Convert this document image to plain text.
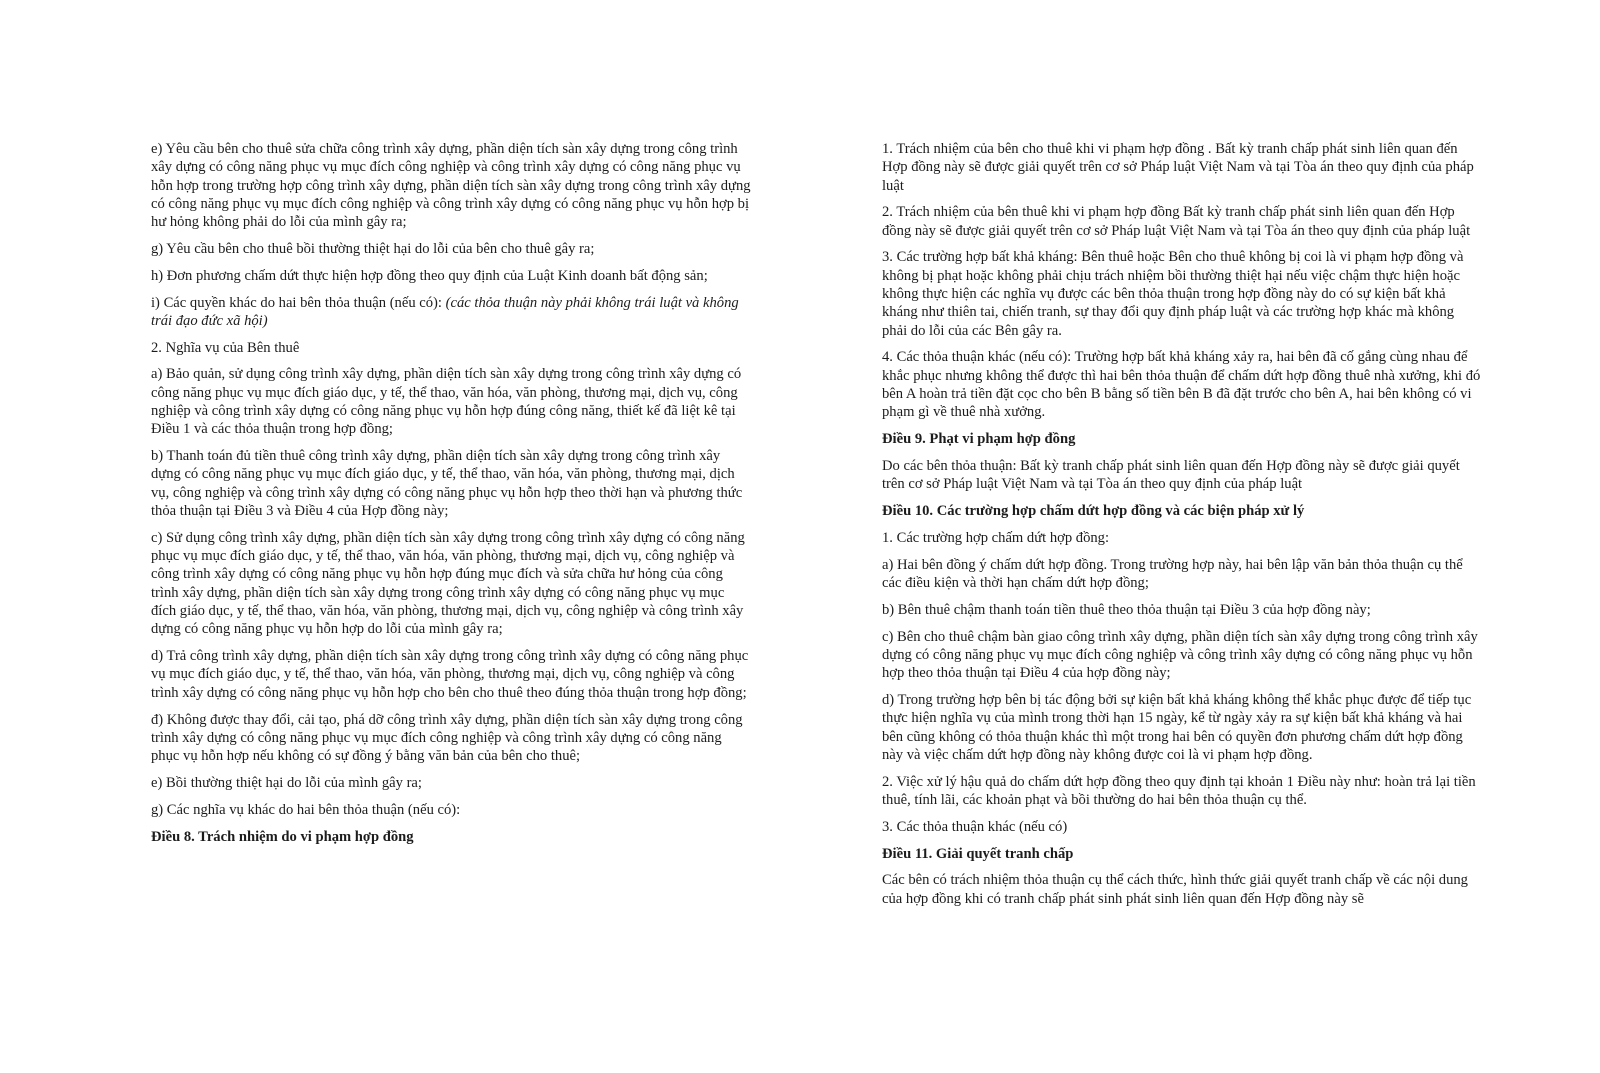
e) Yêu cầu bên cho thuê sửa chữa công trình xây dựng, phần diện tích sàn xây dựng trong công trình xây dựng có công năng phục vụ mục đích công nghiệp và công trình xây dựng có công năng phục vụ hỗn hợp trong trường hợp công trình xây dựng, phần diện tích sàn xây dựng trong công trình xây dựng có công năng phục vụ mục đích công nghiệp và công trình xây dựng có công năng phục vụ hỗn hợp bị hư hỏng không phải do lỗi của mình gây ra;

g) Yêu cầu bên cho thuê bồi thường thiệt hại do lỗi của bên cho thuê gây ra;

h) Đơn phương chấm dứt thực hiện hợp đồng theo quy định của Luật Kinh doanh bất động sản;

i) Các quyền khác do hai bên thỏa thuận (nếu có): (các thỏa thuận này phải không trái luật và không trái đạo đức xã hội)

2. Nghĩa vụ của Bên thuê

a) Bảo quản, sử dụng công trình xây dựng, phần diện tích sàn xây dựng trong công trình xây dựng có công năng phục vụ mục đích giáo dục, y tế, thể thao, văn hóa, văn phòng, thương mại, dịch vụ, công nghiệp và công trình xây dựng có công năng phục vụ hỗn hợp đúng công năng, thiết kế đã liệt kê tại Điều 1 và các thỏa thuận trong hợp đồng;

b) Thanh toán đủ tiền thuê công trình xây dựng, phần diện tích sàn xây dựng trong công trình xây dựng có công năng phục vụ mục đích giáo dục, y tế, thể thao, văn hóa, văn phòng, thương mại, dịch vụ, công nghiệp và công trình xây dựng có công năng phục vụ hỗn hợp theo thời hạn và phương thức thỏa thuận tại Điều 3 và Điều 4 của Hợp đồng này;

c) Sử dụng công trình xây dựng, phần diện tích sàn xây dựng trong công trình xây dựng có công năng phục vụ mục đích giáo dục, y tế, thể thao, văn hóa, văn phòng, thương mại, dịch vụ, công nghiệp và công trình xây dựng có công năng phục vụ hỗn hợp đúng mục đích và sửa chữa hư hỏng của công trình xây dựng, phần diện tích sàn xây dựng trong công trình xây dựng có công năng phục vụ mục đích giáo dục, y tế, thể thao, văn hóa, văn phòng, thương mại, dịch vụ, công nghiệp và công trình xây dựng có công năng phục vụ hỗn hợp do lỗi của mình gây ra;

d) Trả công trình xây dựng, phần diện tích sàn xây dựng trong công trình xây dựng có công năng phục vụ mục đích giáo dục, y tế, thể thao, văn hóa, văn phòng, thương mại, dịch vụ, công nghiệp và công trình xây dựng có công năng phục vụ hỗn hợp cho bên cho thuê theo đúng thỏa thuận trong hợp đồng;

đ) Không được thay đổi, cải tạo, phá dỡ công trình xây dựng, phần diện tích sàn xây dựng trong công trình xây dựng có công năng phục vụ mục đích công nghiệp và công trình xây dựng có công năng phục vụ hỗn hợp nếu không có sự đồng ý bằng văn bản của bên cho thuê;

e) Bồi thường thiệt hại do lỗi của mình gây ra;

g) Các nghĩa vụ khác do hai bên thỏa thuận (nếu có):

Điều 8. Trách nhiệm do vi phạm hợp đồng

1. Trách nhiệm của bên cho thuê khi vi phạm hợp đồng . Bất kỳ tranh chấp phát sinh liên quan đến Hợp đồng này sẽ được giải quyết trên cơ sở Pháp luật Việt Nam và tại Tòa án theo quy định của pháp luật

2. Trách nhiệm của bên thuê khi vi phạm hợp đồng Bất kỳ tranh chấp phát sinh liên quan đến Hợp đồng này sẽ được giải quyết trên cơ sở Pháp luật Việt Nam và tại Tòa án theo quy định của pháp luật

3. Các trường hợp bất khả kháng: Bên thuê hoặc Bên cho thuê không bị coi là vi phạm hợp đồng và không bị phạt hoặc không phải chịu trách nhiệm bồi thường thiệt hại nếu việc chậm thực hiện hoặc không thực hiện các nghĩa vụ được các bên thỏa thuận trong hợp đồng này do có sự kiện bất khả kháng như thiên tai, chiến tranh, sự thay đổi quy định pháp luật và các trường hợp khác mà không phải do lỗi của các Bên gây ra.

4. Các thỏa thuận khác (nếu có): Trường hợp bất khả kháng xảy ra, hai bên đã cố gắng cùng nhau để khắc phục nhưng không thể được thì hai bên thỏa thuận để chấm dứt hợp đồng thuê nhà xưởng, khi đó bên A hoàn trả tiền đặt cọc cho bên B bằng số tiền bên B đã đặt trước cho bên A, hai bên không có vi phạm gì về thuê nhà xưởng.

Điều 9. Phạt vi phạm hợp đồng

Do các bên thỏa thuận: Bất kỳ tranh chấp phát sinh liên quan đến Hợp đồng này sẽ được giải quyết trên cơ sở Pháp luật Việt Nam và tại Tòa án theo quy định của pháp luật

Điều 10. Các trường hợp chấm dứt hợp đồng và các biện pháp xử lý

1. Các trường hợp chấm dứt hợp đồng:

a) Hai bên đồng ý chấm dứt hợp đồng. Trong trường hợp này, hai bên lập văn bản thỏa thuận cụ thể các điều kiện và thời hạn chấm dứt hợp đồng;

b) Bên thuê chậm thanh toán tiền thuê theo thỏa thuận tại Điều 3 của hợp đồng này;

c) Bên cho thuê chậm bàn giao công trình xây dựng, phần diện tích sàn xây dựng trong công trình xây dựng có công năng phục vụ mục đích công nghiệp và công trình xây dựng có công năng phục vụ hỗn hợp theo thỏa thuận tại Điều 4 của hợp đồng này;

d) Trong trường hợp bên bị tác động bởi sự kiện bất khả kháng không thể khắc phục được để tiếp tục thực hiện nghĩa vụ của mình trong thời hạn 15 ngày, kể từ ngày xảy ra sự kiện bất khả kháng và hai bên cũng không có thỏa thuận khác thì một trong hai bên có quyền đơn phương chấm dứt hợp đồng này và việc chấm dứt hợp đồng này không được coi là vi phạm hợp đồng.

2. Việc xử lý hậu quả do chấm dứt hợp đồng theo quy định tại khoản 1 Điều này như: hoàn trả lại tiền thuê, tính lãi, các khoản phạt và bồi thường do hai bên thỏa thuận cụ thể.

3. Các thỏa thuận khác (nếu có)

Điều 11. Giải quyết tranh chấp

Các bên có trách nhiệm thỏa thuận cụ thể cách thức, hình thức giải quyết tranh chấp về các nội dung của hợp đồng khi có tranh chấp phát sinh phát sinh liên quan đến Hợp đồng này sẽ
